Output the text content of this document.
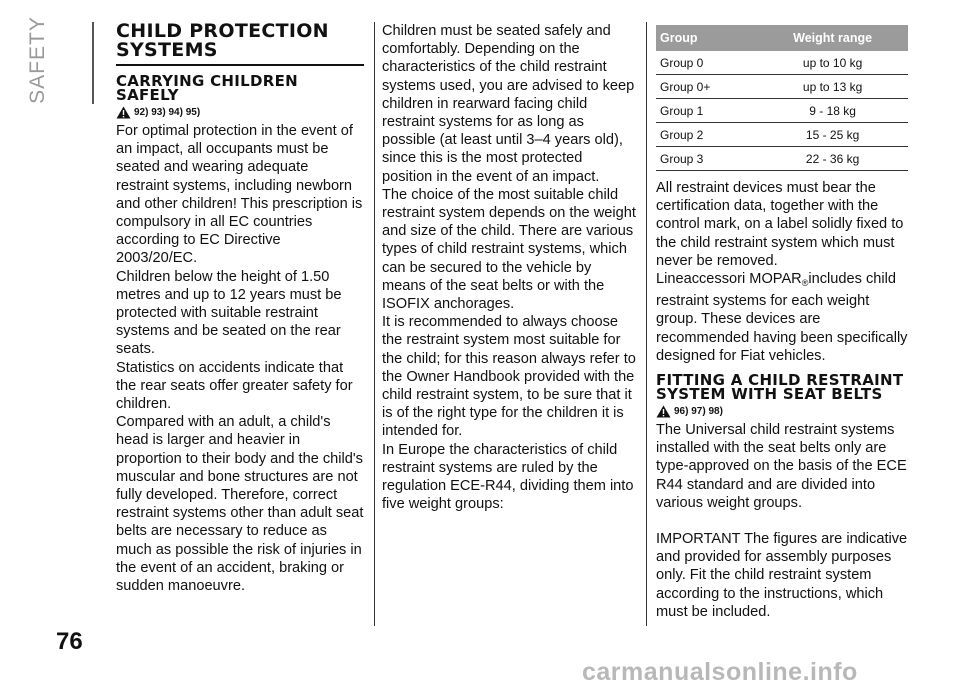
SAFETY	CHILD PROTECTION SYSTEMS
CARRYING CHILDREN SAFELY
92) 93) 94) 95)

For optimal protection in the event of an impact, all occupants must be seated and wearing adequate restraint systems, including newborn and other children! This prescription is compulsory in all EC countries according to EC Directive 2003/20/EC.

Children below the height of 1.50 metres and up to 12 years must be protected with suitable restraint systems and be seated on the rear seats.

Statistics on accidents indicate that the rear seats offer greater safety for children.

Compared with an adult, a child's head is larger and heavier in proportion to their body and the child's muscular and bone structures are not fully developed. Therefore, correct restraint systems other than adult seat belts are necessary to reduce as much as possible the risk of injuries in the event of an accident, braking or sudden manoeuvre.

Children must be seated safely and comfortably. Depending on the characteristics of the child restraint systems used, you are advised to keep children in rearward facing child restraint systems for as long as possible (at least until 3–4 years old), since this is the most protected position in the event of an impact.

The choice of the most suitable child restraint system depends on the weight and size of the child. There are various types of child restraint systems, which can be secured to the vehicle by means of the seat belts or with the ISOFIX anchorages.

It is recommended to always choose the restraint system most suitable for the child; for this reason always refer to the Owner Handbook provided with the child restraint system, to be sure that it is of the right type for the children it is intended for.

In Europe the characteristics of child restraint systems are ruled by the regulation ECE-R44, dividing them into five weight groups:

Group	Weight range
Group 0	up to 10 kg
Group 0+	up to 13 kg
Group 1	9 - 18 kg
Group 2	15 - 25 kg
Group 3	22 - 36 kg

All restraint devices must bear the certification data, together with the control mark, on a label solidly fixed to the child restraint system which must never be removed.

Lineaccessori $MOPAR_®includes$ child restraint systems for each weight group. These devices are recommended having been specifically designed for Fiat vehicles.

FITTING A CHILD RESTRAINT SYSTEM WITH SEAT BELTS
96) 97) 98)

The Universal child restraint systems installed with the seat belts only are type-approved on the basis of the ECE R44 standard and are divided into various weight groups.

IMPORTANT The figures are indicative and provided for assembly purposes only. Fit the child restraint system according to the instructions, which must be included.

76
carmanualsonline.info
